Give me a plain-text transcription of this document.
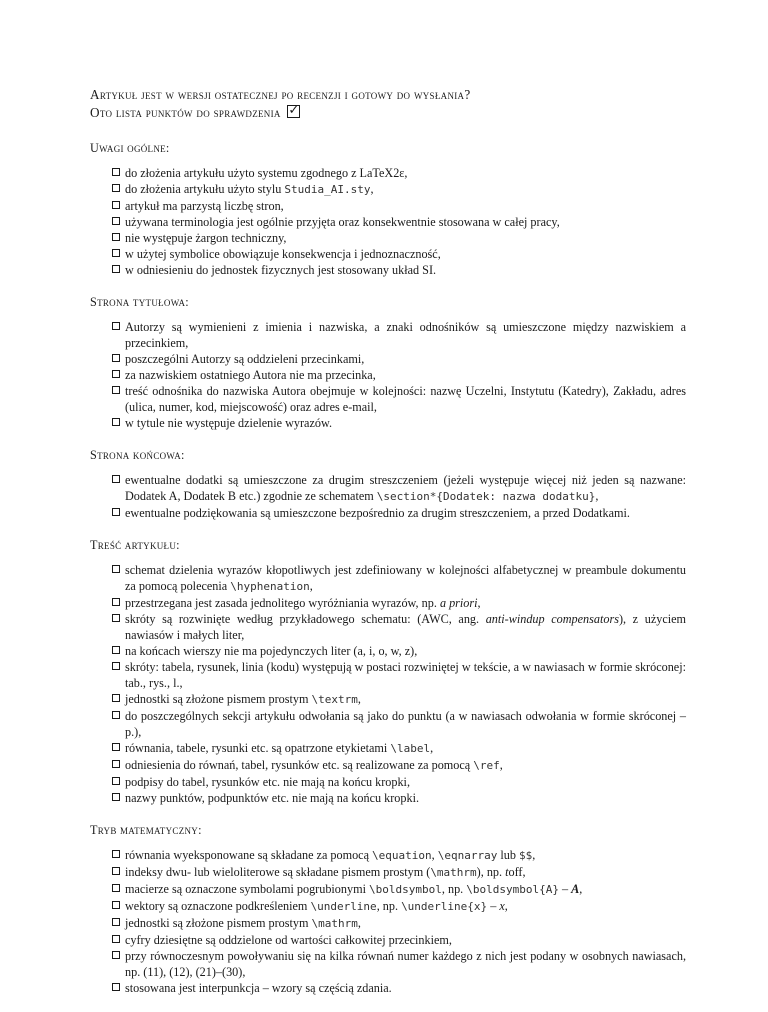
Artykuł jest w wersji ostatecznej po recenzji i gotowy do wysłania?
Oto lista punktów do sprawdzenia ✓
Uwagi ogólne:
do złożenia artykułu użyto systemu zgodnego z LaTeX2ε,
do złożenia artykułu użyto stylu Studia_AI.sty,
artykuł ma parzystą liczbę stron,
używana terminologia jest ogólnie przyjęta oraz konsekwentnie stosowana w całej pracy,
nie występuje żargon techniczny,
w użytej symbolice obowiązuje konsekwencja i jednoznaczność,
w odniesieniu do jednostek fizycznych jest stosowany układ SI.
Strona tytułowa:
Autorzy są wymienieni z imienia i nazwiska, a znaki odnośników są umieszczone między nazwiskiem a przecinkiem,
poszczególni Autorzy są oddzieleni przecinkami,
za nazwiskiem ostatniego Autora nie ma przecinka,
treść odnośnika do nazwiska Autora obejmuje w kolejności: nazwę Uczelni, Instytutu (Katedry), Zakładu, adres (ulica, numer, kod, miejscowość) oraz adres e-mail,
w tytule nie występuje dzielenie wyrazów.
Strona końcowa:
ewentualne dodatki są umieszczone za drugim streszczeniem (jeżeli występuje więcej niż jeden są nazwane: Dodatek A, Dodatek B etc.) zgodnie ze schematem \section*{Dodatek: nazwa dodatku},
ewentualne podziękowania są umieszczone bezpośrednio za drugim streszczeniem, a przed Dodatkami.
Treść artykułu:
schemat dzielenia wyrazów kłopotliwych jest zdefiniowany w kolejności alfabetycznej w preambule dokumentu za pomocą polecenia \hyphenation,
przestrzegana jest zasada jednolitego wyróżniania wyrazów, np. a priori,
skróty są rozwinięte według przykładowego schematu: (AWC, ang. anti-windup compensators), z użyciem nawiasów i małych liter,
na końcach wierszy nie ma pojedynczych liter (a, i, o, w, z),
skróty: tabela, rysunek, linia (kodu) występują w postaci rozwiniętej w tekście, a w nawiasach w formie skróconej: tab., rys., l.,
jednostki są złożone pismem prostym \textrm,
do poszczególnych sekcji artykułu odwołania są jako do punktu (a w nawiasach odwołania w formie skróconej – p.),
równania, tabele, rysunki etc. są opatrzone etykietami \label,
odniesienia do równań, tabel, rysunków etc. są realizowane za pomocą \ref,
podpisy do tabel, rysunków etc. nie mają na końcu kropki,
nazwy punktów, podpunktów etc. nie mają na końcu kropki.
Tryb matematyczny:
równania wyeksponowane są składane za pomocą \equation, \eqnarray lub $$,
indeksy dwu- lub wieloliterowe są składane pismem prostym (\mathrm), np. toff,
macierze są oznaczone symbolami pogrubionymi \boldsymbol, np. \boldsymbol{A} – A,
wektory są oznaczone podkreśleniem \underline, np. \underline{x} – x,
jednostki są złożone pismem prostym \mathrm,
cyfry dziesiętne są oddzielone od wartości całkowitej przecinkiem,
przy równoczesnym powoływaniu się na kilka równań numer każdego z nich jest podany w osobnych nawiasach, np. (11), (12), (21)–(30),
stosowana jest interpunkcja – wzory są częścią zdania.
